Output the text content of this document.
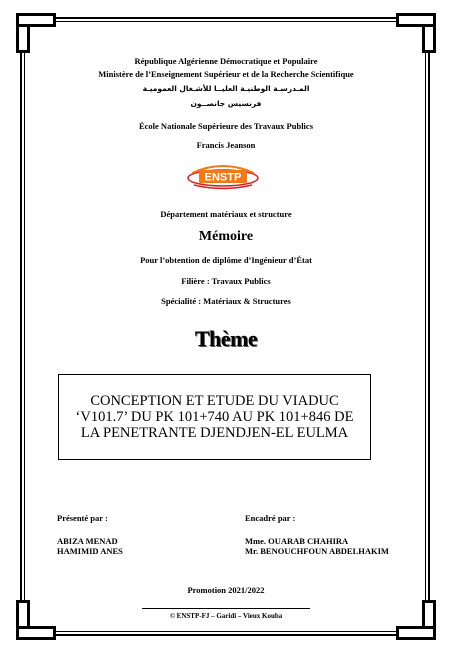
République Algérienne Démocratique et Populaire
Ministère de l’Enseignement Supérieur et de la Recherche Scientifique
المـدرسـة الوطنيـة العليــا للأشـغال العموميـة
فرنسيس جانصــون
École Nationale Supérieure des Travaux Publics
Francis Jeanson
ENSTP
Département matériaux et structure
Mémoire
Pour l’obtention de diplôme d’Ingénieur d’État
Filière : Travaux Publics
Spécialité : Matériaux & Structures
Thème
CONCEPTION ET ETUDE DU VIADUC ‘V101.7’ DU PK 101+740 AU PK 101+846 DE LA PENETRANTE DJENDJEN-EL EULMA
Présenté par :	Encadré par :
ABIZA MENAD
HAMIMID ANES
Mme. OUARAB CHAHIRA
Mr. BENOUCHFOUN ABDELHAKIM
Promotion 2021/2022
© ENSTP-FJ – Garidi – Vieux Kouba
